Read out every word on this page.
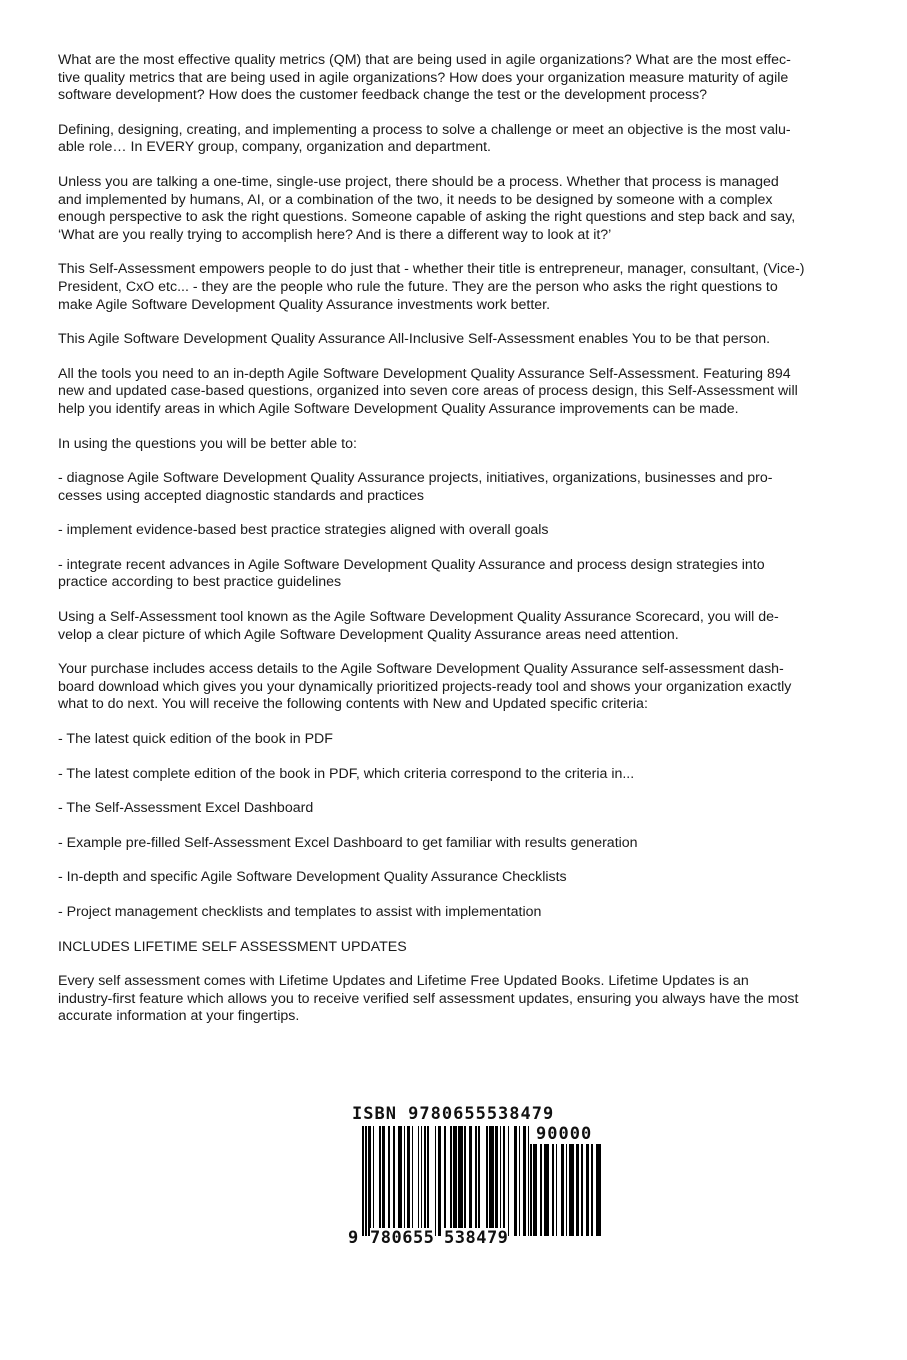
What are the most effective quality metrics (QM) that are being used in agile organizations? What are the most effec-
tive quality metrics that are being used in agile organizations? How does your organization measure maturity of agile
software development? How does the customer feedback change the test or the development process?

Defining, designing, creating, and implementing a process to solve a challenge or meet an objective is the most valu-
able role… In EVERY group, company, organization and department.

Unless you are talking a one-time, single-use project, there should be a process. Whether that process is managed
and implemented by humans, AI, or a combination of the two, it needs to be designed by someone with a complex
enough perspective to ask the right questions. Someone capable of asking the right questions and step back and say,
‘What are you really trying to accomplish here? And is there a different way to look at it?’

This Self-Assessment empowers people to do just that - whether their title is entrepreneur, manager, consultant, (Vice-)
President, CxO etc... - they are the people who rule the future. They are the person who asks the right questions to
make Agile Software Development Quality Assurance investments work better.

This Agile Software Development Quality Assurance All-Inclusive Self-Assessment enables You to be that person.

All the tools you need to an in-depth Agile Software Development Quality Assurance Self-Assessment. Featuring 894
new and updated case-based questions, organized into seven core areas of process design, this Self-Assessment will
help you identify areas in which Agile Software Development Quality Assurance improvements can be made.

In using the questions you will be better able to:

- diagnose Agile Software Development Quality Assurance projects, initiatives, organizations, businesses and pro-
cesses using accepted diagnostic standards and practices

- implement evidence-based best practice strategies aligned with overall goals

- integrate recent advances in Agile Software Development Quality Assurance and process design strategies into
practice according to best practice guidelines

Using a Self-Assessment tool known as the Agile Software Development Quality Assurance Scorecard, you will de-
velop a clear picture of which Agile Software Development Quality Assurance areas need attention.

Your purchase includes access details to the Agile Software Development Quality Assurance self-assessment dash-
board download which gives you your dynamically prioritized projects-ready tool and shows your organization exactly
what to do next. You will receive the following contents with New and Updated specific criteria:

- The latest quick edition of the book in PDF

- The latest complete edition of the book in PDF, which criteria correspond to the criteria in...

- The Self-Assessment Excel Dashboard

- Example pre-filled Self-Assessment Excel Dashboard to get familiar with results generation

- In-depth and specific Agile Software Development Quality Assurance Checklists

- Project management checklists and templates to assist with implementation

INCLUDES LIFETIME SELF ASSESSMENT UPDATES

Every self assessment comes with Lifetime Updates and Lifetime Free Updated Books. Lifetime Updates is an
industry-first feature which allows you to receive verified self assessment updates, ensuring you always have the most
accurate information at your fingertips.

ISBN 9780655538479
90000
9 780655 538479
